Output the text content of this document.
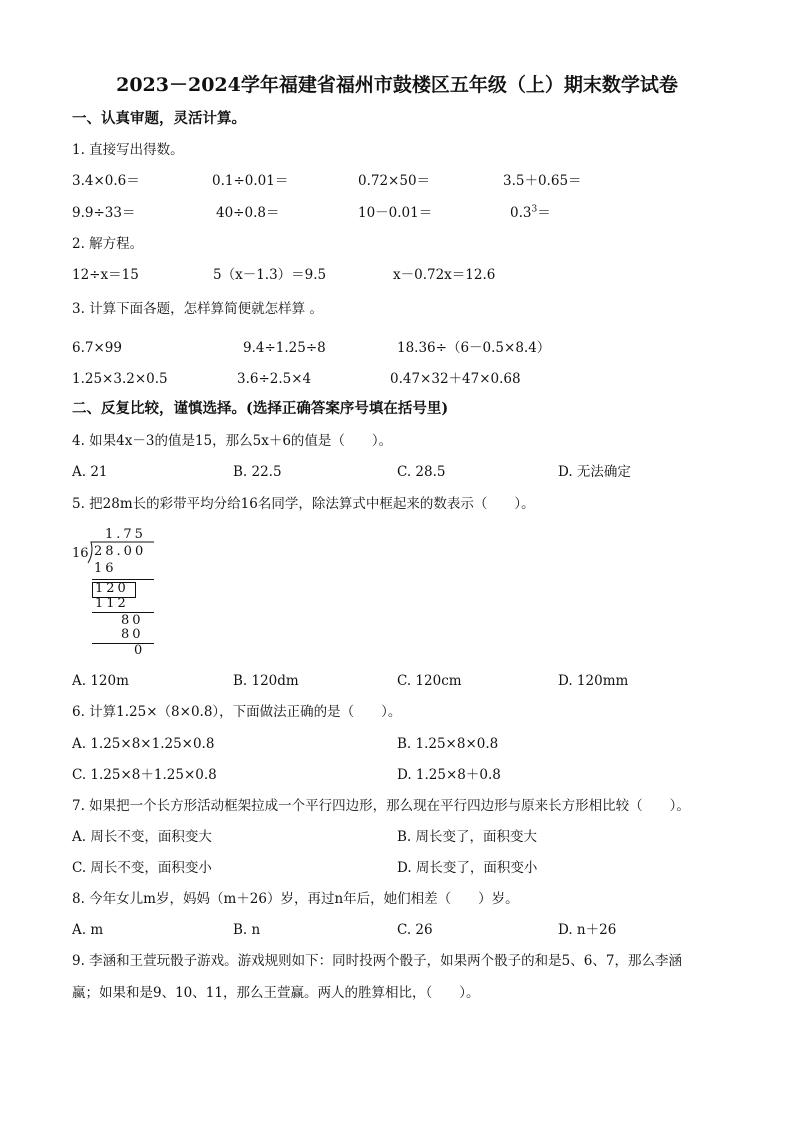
2023－2024学年福建省福州市鼓楼区五年级（上）期末数学试卷
一、认真审题，灵活计算。
1. 直接写出得数。
3.4×0.6＝	0.1÷0.01＝	0.72×50＝	3.5＋0.65＝
9.9÷33＝	40÷0.8＝	10－0.01＝	$0.3^3=$
2. 解方程。
12÷x＝15	5（x－1.3）＝9.5	x－0.72x＝12.6
3. 计算下面各题，怎样算简便就怎样算 。
6.7×99	9.4÷1.25÷8	18.36÷（6－0.5×8.4）
1.25×3.2×0.5	3.6÷2.5×4	0.47×32＋47×0.68
二、反复比较，谨慎选择。(选择正确答案序号填在括号里)
4. 如果4x－3的值是15，那么5x＋6的值是（　　）。
A. 21	B. 22.5	C. 28.5	D. 无法确定
5. 把28m长的彩带平均分给16名同学，除法算式中框起来的数表示（　　）。
1.75
16 28.00
16
120
112
80
80
0
A. 120m	B. 120dm	C. 120cm	D. 120mm
6. 计算1.25×（8×0.8），下面做法正确的是（　　）。
A. 1.25×8×1.25×0.8	B. 1.25×8×0.8
C. 1.25×8＋1.25×0.8	D. 1.25×8＋0.8
7. 如果把一个长方形活动框架拉成一个平行四边形，那么现在平行四边形与原来长方形相比较（　　）。
A. 周长不变，面积变大	B. 周长变了，面积变大
C. 周长不变，面积变小	D. 周长变了，面积变小
8. 今年女儿m岁，妈妈（m＋26）岁，再过n年后，她们相差（　　）岁。
A. m	B. n	C. 26	D. n＋26
9. 李涵和王萱玩骰子游戏。游戏规则如下：同时投两个骰子，如果两个骰子的和是5、6、7，那么李涵
赢；如果和是9、10、11，那么王萱赢。两人的胜算相比，（　　）。
